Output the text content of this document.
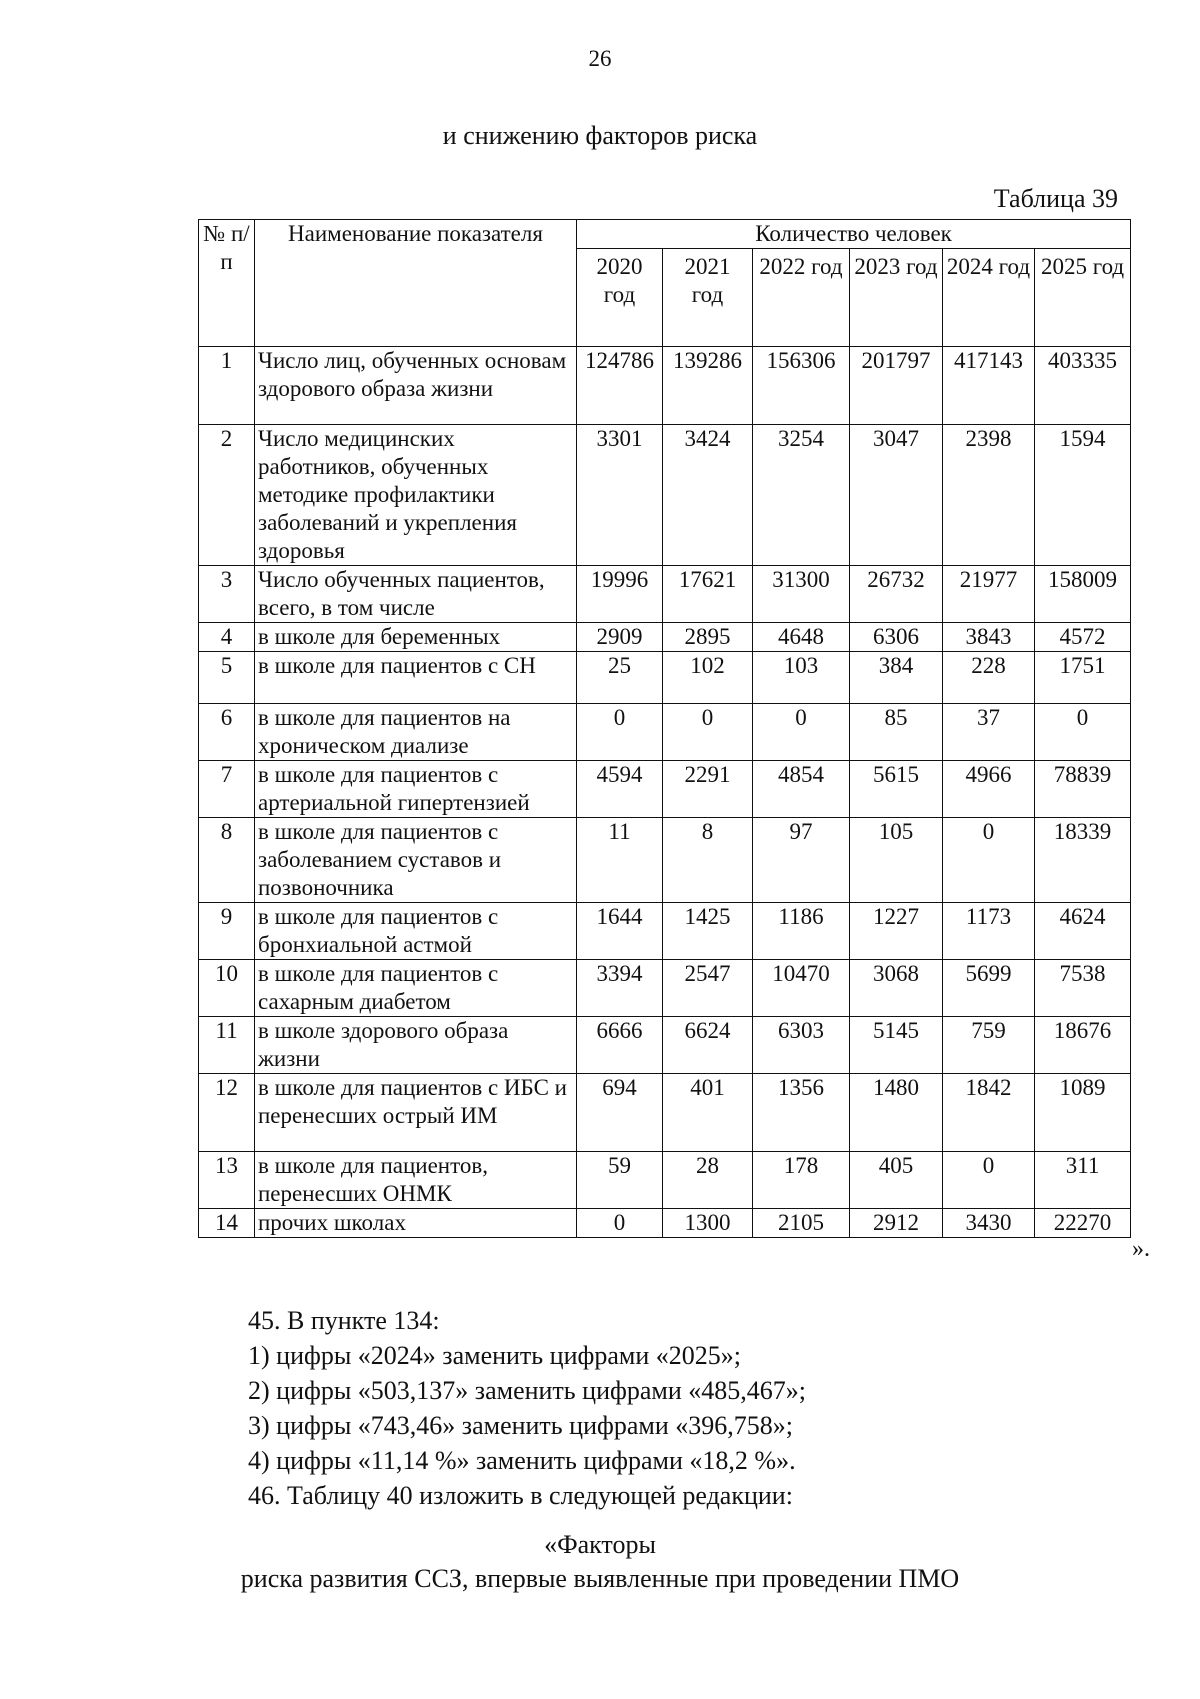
26
и снижению факторов риска
Таблица 39
№ п/п	Наименование показателя	Количество человек					
		2020 год	2021 год	2022 год	2023 год	2024 год	2025 год
1	Число лиц, обученных основам здорового образа жизни	124786	139286	156306	201797	417143	403335
2	Число медицинских работников, обученных методике профилактики заболеваний и укрепления здоровья	3301	3424	3254	3047	2398	1594
3	Число обученных пациентов, всего, в том числе	19996	17621	31300	26732	21977	158009
4	в школе для беременных	2909	2895	4648	6306	3843	4572
5	в школе для пациентов с СН	25	102	103	384	228	1751
6	в школе для пациентов на хроническом диализе	0	0	0	85	37	0
7	в школе для пациентов с артериальной гипертензией	4594	2291	4854	5615	4966	78839
8	в школе для пациентов с заболеванием суставов и позвоночника	11	8	97	105	0	18339
9	в школе для пациентов с бронхиальной астмой	1644	1425	1186	1227	1173	4624
10	в школе для пациентов с сахарным диабетом	3394	2547	10470	3068	5699	7538
11	в школе здорового образа жизни	6666	6624	6303	5145	759	18676
12	в школе для пациентов с ИБС и перенесших острый ИМ	694	401	1356	1480	1842	1089
13	в школе для пациентов, перенесших ОНМК	59	28	178	405	0	311
14	прочих школах	0	1300	2105	2912	3430	22270
».
45. В пункте 134:
1) цифры «2024» заменить цифрами «2025»;
2) цифры «503,137» заменить цифрами «485,467»;
3) цифры «743,46» заменить цифрами «396,758»;
4) цифры «11,14 %» заменить цифрами «18,2 %».
46. Таблицу 40 изложить в следующей редакции:
«Факторы
риска развития ССЗ, впервые выявленные при проведении ПМО
